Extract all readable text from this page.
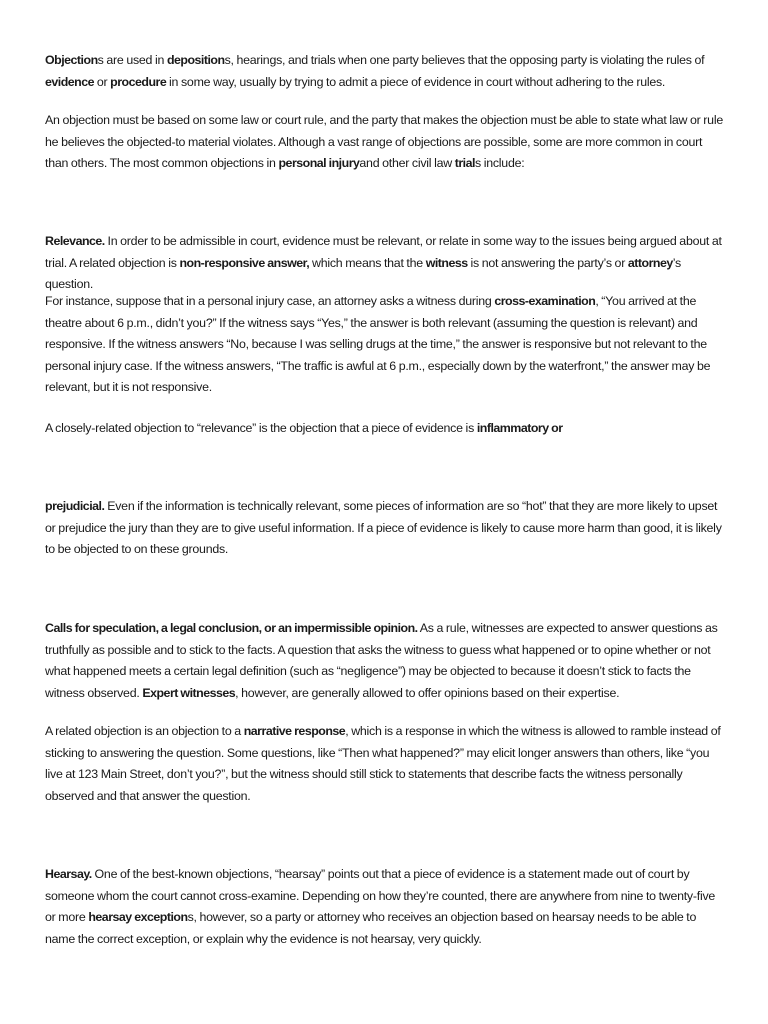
Objections are used in depositions, hearings, and trials when one party believes that the opposing party is violating the rules of evidence or procedure in some way, usually by trying to admit a piece of evidence in court without adhering to the rules.

An objection must be based on some law or court rule, and the party that makes the objection must be able to state what law or rule he believes the objected-to material violates. Although a vast range of objections are possible, some are more common in court than others. The most common objections in personal injuryand other civil law trials include:

Relevance. In order to be admissible in court, evidence must be relevant, or relate in some way to the issues being argued about at trial. A related objection is non-responsive answer, which means that the witness is not answering the party’s or attorney’s question.

For instance, suppose that in a personal injury case, an attorney asks a witness during cross-examination, “You arrived at the theatre about 6 p.m., didn’t you?” If the witness says “Yes,” the answer is both relevant (assuming the question is relevant) and responsive. If the witness answers “No, because I was selling drugs at the time,” the answer is responsive but not relevant to the personal injury case. If the witness answers, “The traffic is awful at 6 p.m., especially down by the waterfront,” the answer may be relevant, but it is not responsive.

A closely-related objection to “relevance” is the objection that a piece of evidence is inflammatory or

prejudicial. Even if the information is technically relevant, some pieces of information are so “hot” that they are more likely to upset or prejudice the jury than they are to give useful information. If a piece of evidence is likely to cause more harm than good, it is likely to be objected to on these grounds.

Calls for speculation, a legal conclusion, or an impermissible opinion. As a rule, witnesses are expected to answer questions as truthfully as possible and to stick to the facts. A question that asks the witness to guess what happened or to opine whether or not what happened meets a certain legal definition (such as “negligence”) may be objected to because it doesn’t stick to facts the witness observed. Expert witnesses, however, are generally allowed to offer opinions based on their expertise.

A related objection is an objection to a narrative response, which is a response in which the witness is allowed to ramble instead of sticking to answering the question. Some questions, like “Then what happened?” may elicit longer answers than others, like “you live at 123 Main Street, don’t you?”, but the witness should still stick to statements that describe facts the witness personally observed and that answer the question.

Hearsay. One of the best-known objections, “hearsay” points out that a piece of evidence is a statement made out of court by someone whom the court cannot cross-examine. Depending on how they’re counted, there are anywhere from nine to twenty-five or more hearsay exceptions, however, so a party or attorney who receives an objection based on hearsay needs to be able to name the correct exception, or explain why the evidence is not hearsay, very quickly.
